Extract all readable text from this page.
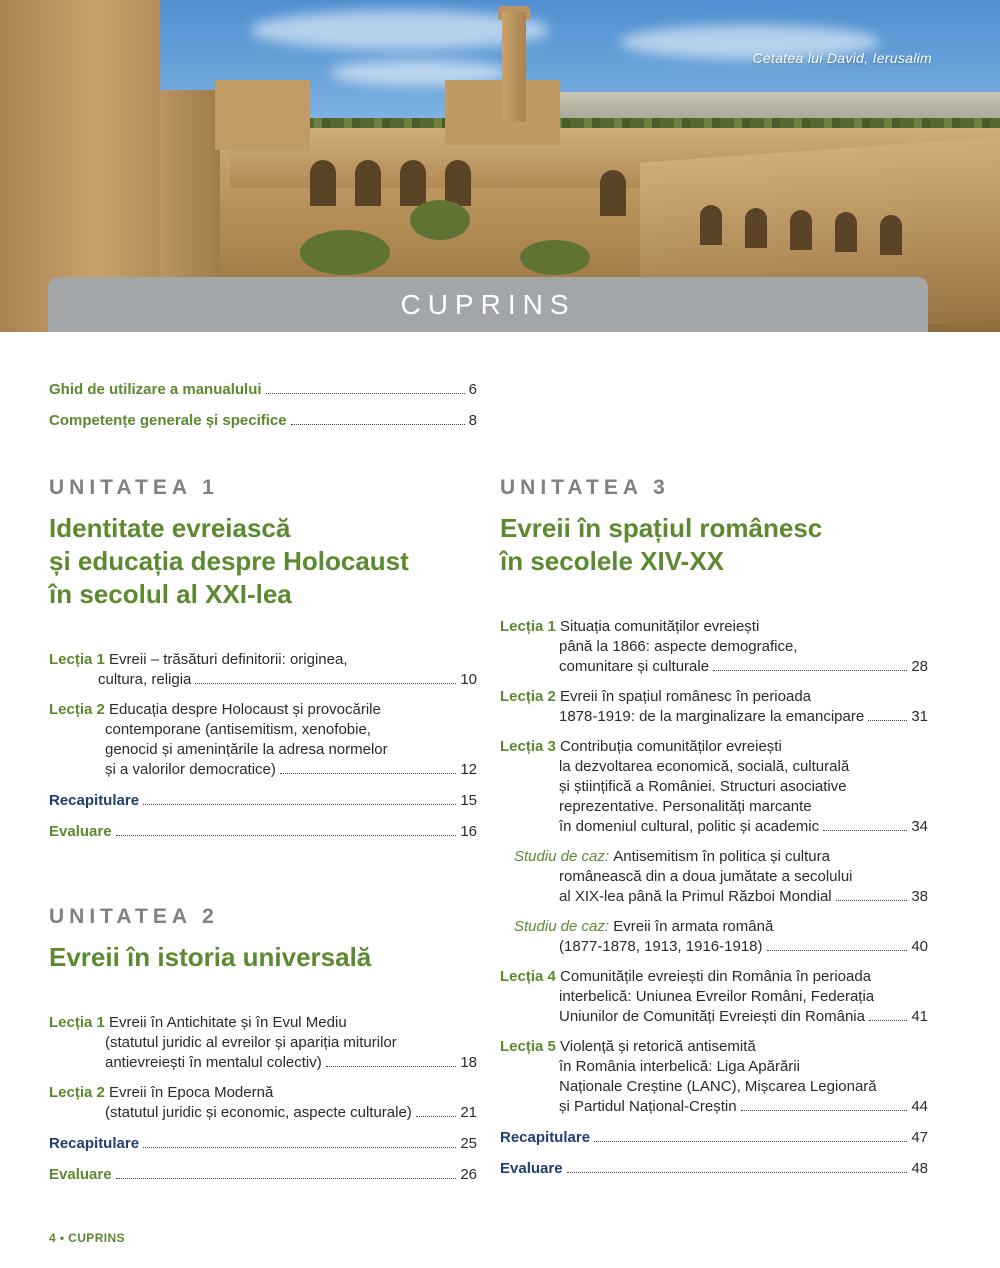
Cetatea lui David, Ierusalim
CUPRINS
Ghid de utilizare a manualului	6
Competențe generale și specifice	8
UNITATEA 1
Identitate evreiască
și educația despre Holocaust
în secolul al XXI-lea
Lecția 1
Evreii – trăsături definitorii: originea,
cultura, religia	10
Lecția 2
Educația despre Holocaust și provocările
contemporane (antisemitism, xenofobie,
genocid și amenințările la adresa normelor
și a valorilor democratice)	12
Recapitulare	15
Evaluare	16
UNITATEA 2
Evreii în istoria universală
Lecția 1
Evreii în Antichitate și în Evul Mediu
(statutul juridic al evreilor și apariția miturilor
antievreiești în mentalul colectiv)	18
Lecția 2
Evreii în Epoca Modernă
(statutul juridic și economic, aspecte culturale)	21
Recapitulare	25
Evaluare	26
UNITATEA 3
Evreii în spațiul românesc
în secolele XIV-XX
Lecția 1
Situația comunităților evreiești
până la 1866: aspecte demografice,
comunitare și culturale	28
Lecția 2
Evreii în spațiul românesc în perioada
1878-1919: de la marginalizare la emancipare	31
Lecția 3
Contribuția comunităților evreiești
la dezvoltarea economică, socială, culturală
și științifică a României. Structuri asociative
reprezentative. Personalități marcante
în domeniul cultural, politic și academic	34
Studiu de caz:
Antisemitism în politica și cultura
românească din a doua jumătate a secolului
al XIX-lea până la Primul Război Mondial	38
Studiu de caz:
Evreii în armata română
(1877-1878, 1913, 1916-1918)	40
Lecția 4
Comunitățile evreiești din România în perioada
interbelică: Uniunea Evreilor Români, Federația
Uniunilor de Comunități Evreiești din România	41
Lecția 5
Violență și retorică antisemită
în România interbelică: Liga Apărării
Naționale Creștine (LANC), Mișcarea Legionară
și Partidul Național-Creștin	44
Recapitulare	47
Evaluare	48
4 • CUPRINS
